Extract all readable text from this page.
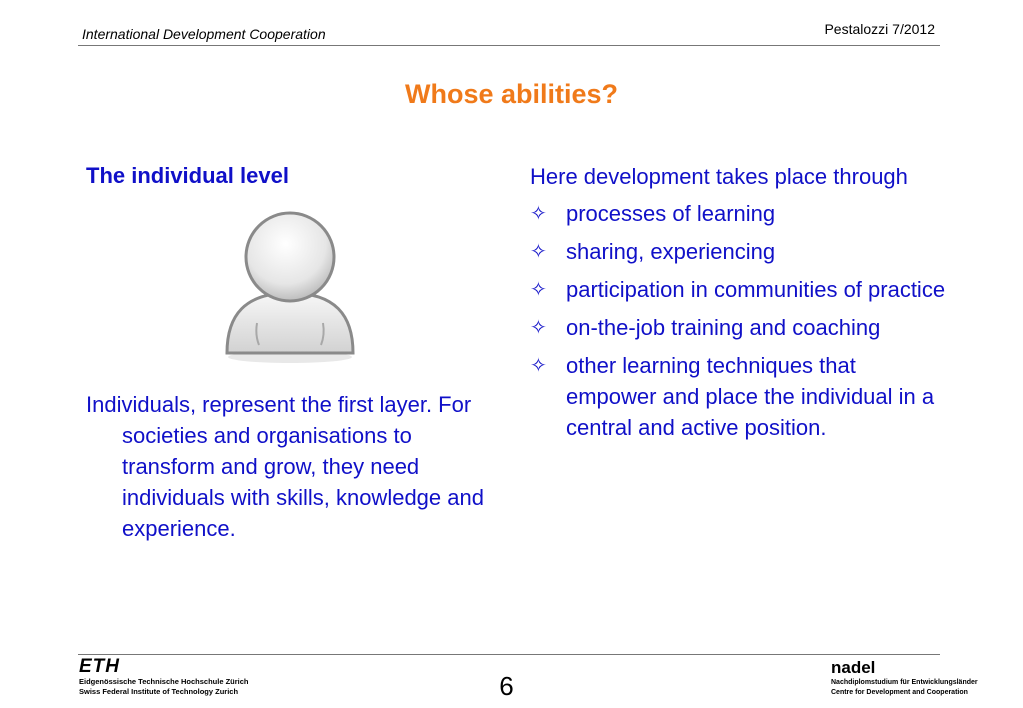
International Development Cooperation	Pestalozzi 7/2012
Whose abilities?
The individual level
Individuals, represent the first layer. For societies and organisations to transform and grow, they need individuals with skills, knowledge and experience.
Here development takes place through
✧ processes of learning
✧ sharing, experiencing
✧ participation in communities of practice
✧ on-the-job training and coaching
✧ other learning techniques that empower and place the individual in a central and active position.
ETH
Eidgenössische Technische Hochschule Zürich
Swiss Federal Institute of Technology Zurich	6
nadel
Nachdiplomstudium für Entwicklungsländer
Centre for Development and Cooperation
